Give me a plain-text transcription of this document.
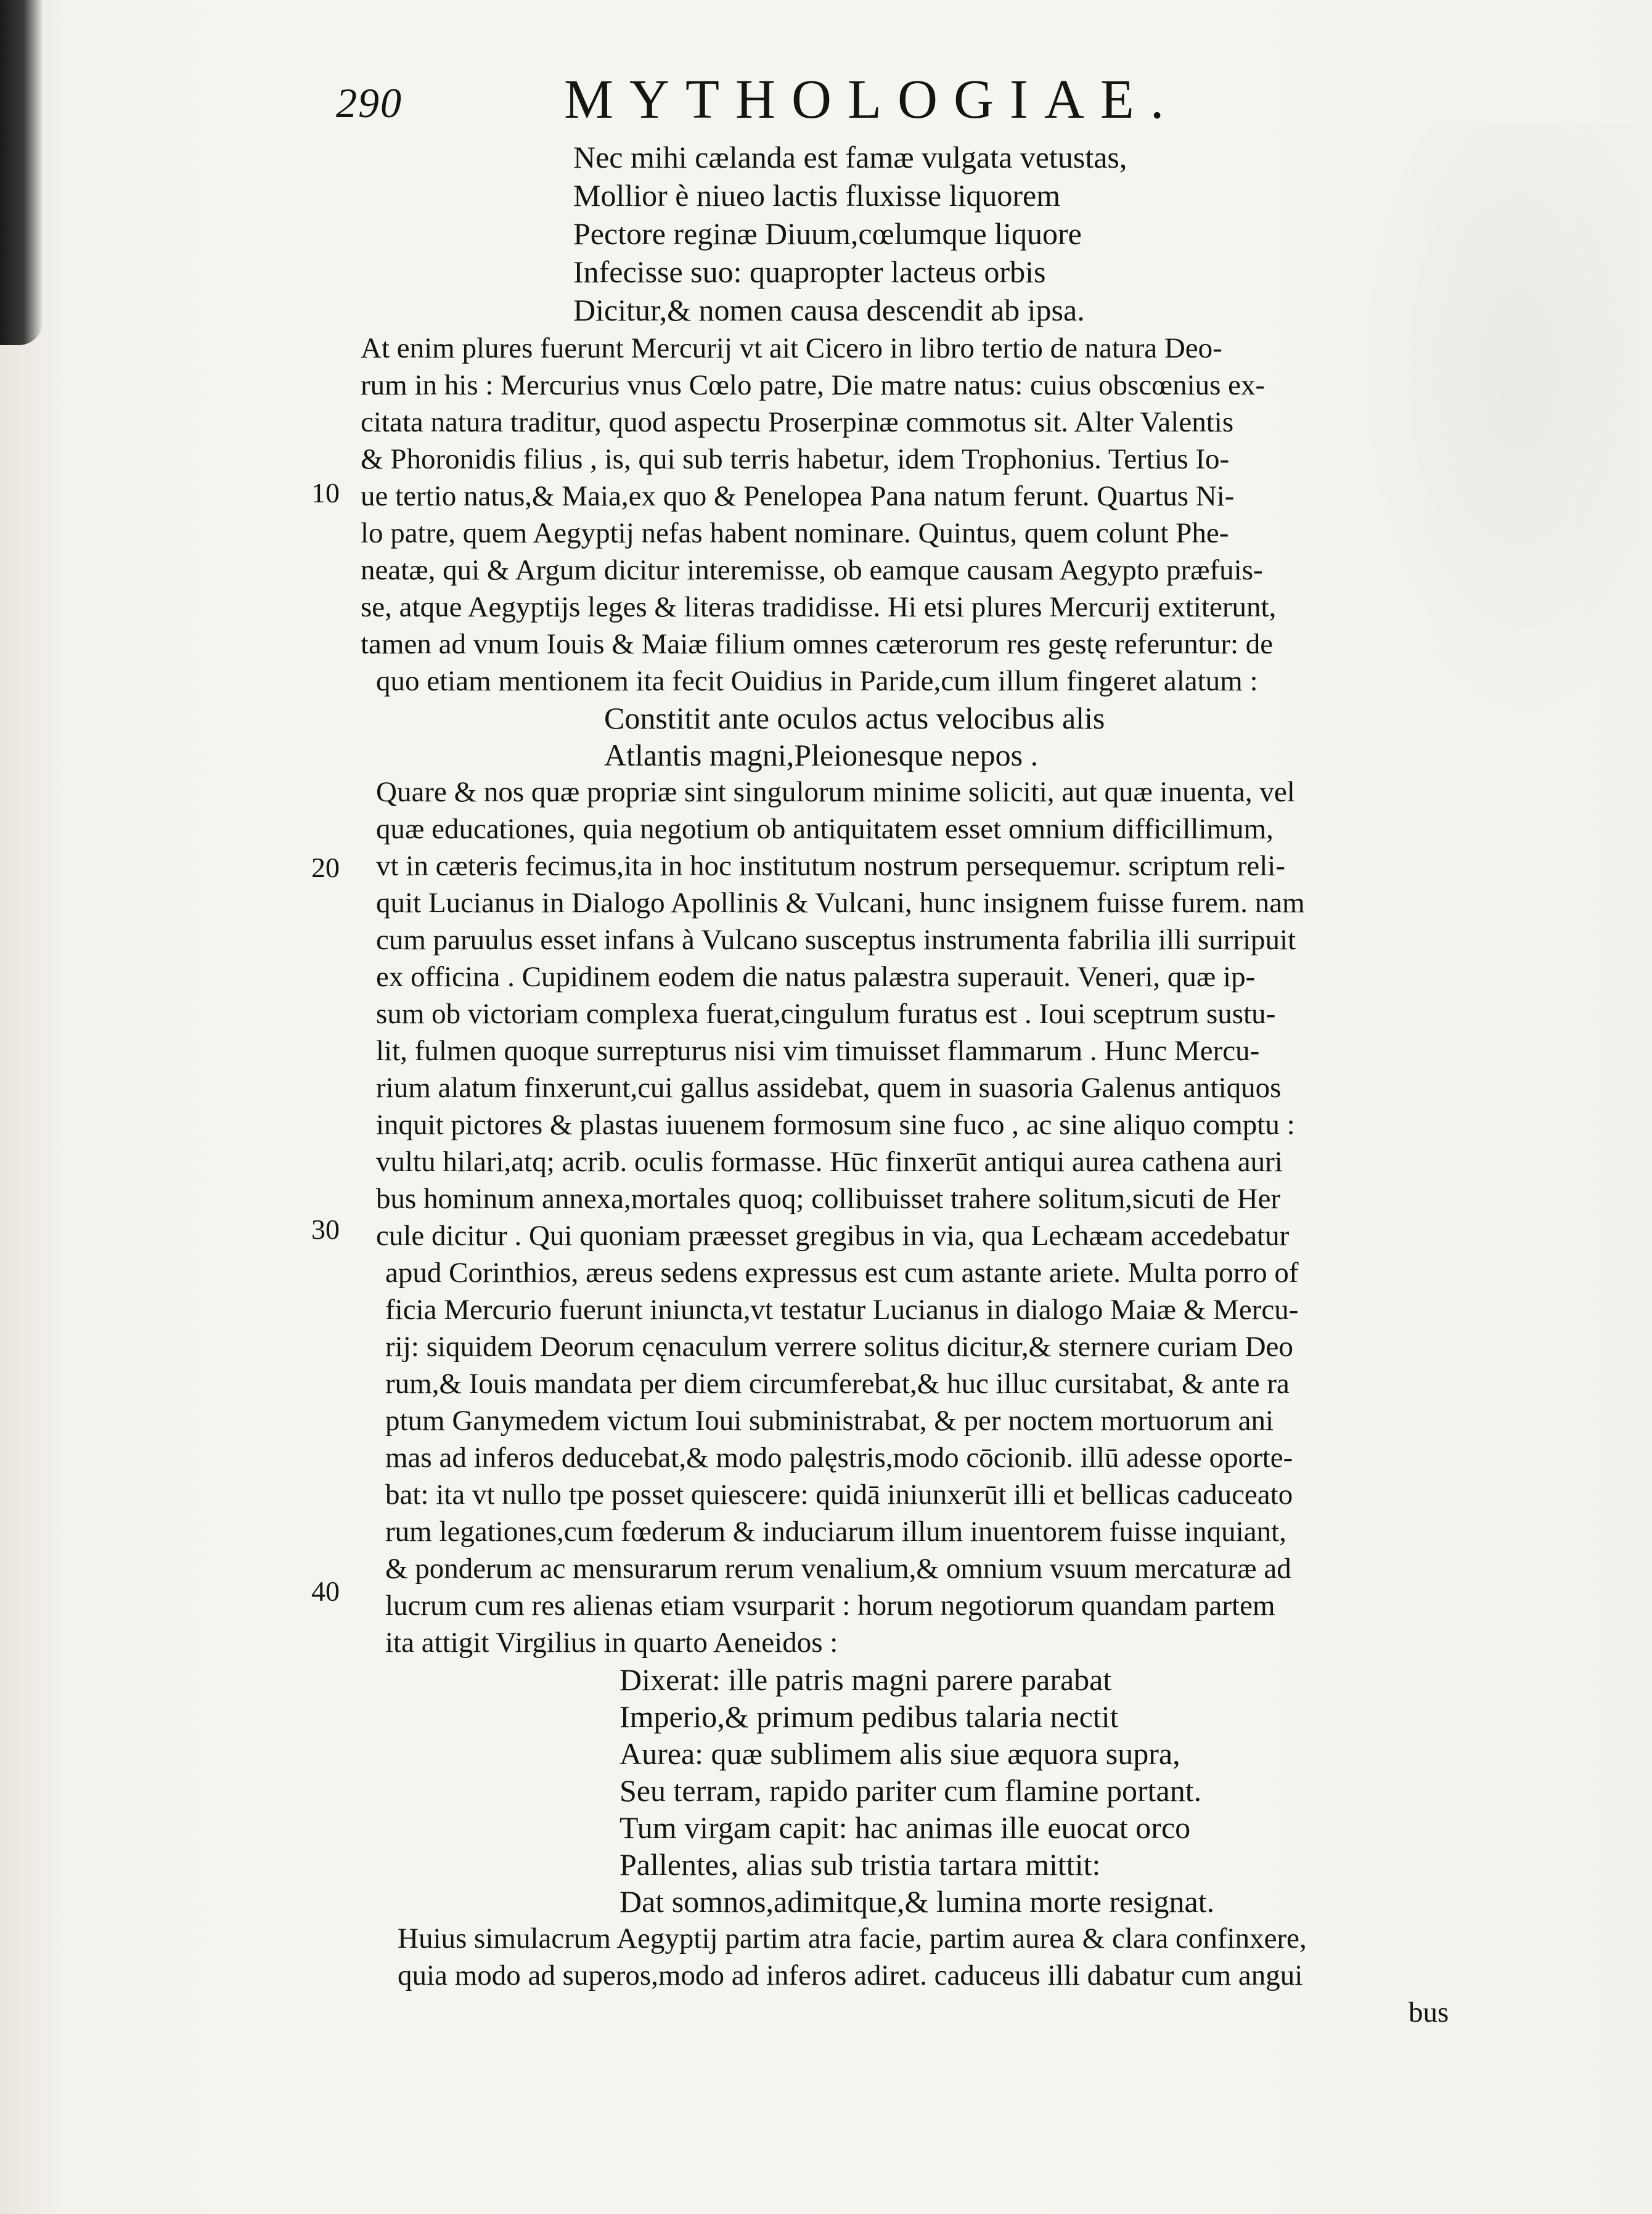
290	MYTHOLOGIAE.
10
20
30
40
Nec mihi cælanda est famæ vulgata vetustas,
Mollior è niueo lactis fluxisse liquorem
Pectore reginæ Diuum,cœlumque liquore
Infecisse suo: quapropter lacteus orbis
Dicitur,& nomen causa descendit ab ipsa.
At enim plures fuerunt Mercurij vt ait Cicero in libro tertio de natura Deo-
rum in his : Mercurius vnus Cœlo patre, Die matre natus: cuius obscœnius ex-
citata natura traditur, quod aspectu Proserpinæ commotus sit. Alter Valentis
& Phoronidis filius , is, qui sub terris habetur, idem Trophonius. Tertius Io-
ue tertio natus,& Maia,ex quo & Penelopea Pana natum ferunt. Quartus Ni-
lo patre, quem Aegyptij nefas habent nominare. Quintus, quem colunt Phe-
neatæ, qui & Argum dicitur interemisse, ob eamque causam Aegypto præfuis-
se, atque Aegyptijs leges & literas tradidisse. Hi etsi plures Mercurij extiterunt,
tamen ad vnum Iouis & Maiæ filium omnes cæterorum res gestę referuntur: de
quo etiam mentionem ita fecit Ouidius in Paride,cum illum fingeret alatum :
Constitit ante oculos actus velocibus alis
Atlantis magni,Pleionesque nepos .
Quare & nos quæ propriæ sint singulorum minime soliciti, aut quæ inuenta, vel
quæ educationes, quia negotium ob antiquitatem esset omnium difficillimum,
vt in cæteris fecimus,ita in hoc institutum nostrum persequemur. scriptum reli-
quit Lucianus in Dialogo Apollinis & Vulcani, hunc insignem fuisse furem. nam
cum paruulus esset infans à Vulcano susceptus instrumenta fabrilia illi surripuit
ex officina . Cupidinem eodem die natus palæstra superauit. Veneri, quæ ip-
sum ob victoriam complexa fuerat,cingulum furatus est . Ioui sceptrum sustu-
lit, fulmen quoque surrepturus nisi vim timuisset flammarum . Hunc Mercu-
rium alatum finxerunt,cui gallus assidebat, quem in suasoria Galenus antiquos
inquit pictores & plastas iuuenem formosum sine fuco , ac sine aliquo comptu :
vultu hilari,atq; acrib. oculis formasse. Hūc finxerūt antiqui aurea cathena auri
bus hominum annexa,mortales quoq; collibuisset trahere solitum,sicuti de Her
cule dicitur . Qui quoniam præesset gregibus in via, qua Lechæam accedebatur
apud Corinthios, æreus sedens expressus est cum astante ariete. Multa porro of
ficia Mercurio fuerunt iniuncta,vt testatur Lucianus in dialogo Maiæ & Mercu-
rij: siquidem Deorum cęnaculum verrere solitus dicitur,& sternere curiam Deo
rum,& Iouis mandata per diem circumferebat,& huc illuc cursitabat, & ante ra
ptum Ganymedem victum Ioui subministrabat, & per noctem mortuorum ani
mas ad inferos deducebat,& modo palęstris,modo cōcionib. illū adesse oporte-
bat: ita vt nullo tpe posset quiescere: quidā iniunxerūt illi et bellicas caduceato
rum legationes,cum fœderum & induciarum illum inuentorem fuisse inquiant,
& ponderum ac mensurarum rerum venalium,& omnium vsuum mercaturæ ad
lucrum cum res alienas etiam vsurparit : horum negotiorum quandam partem
ita attigit Virgilius in quarto Aeneidos :
Dixerat: ille patris magni parere parabat
Imperio,& primum pedibus talaria nectit
Aurea: quæ sublimem alis siue æquora supra,
Seu terram, rapido pariter cum flamine portant.
Tum virgam capit: hac animas ille euocat orco
Pallentes, alias sub tristia tartara mittit:
Dat somnos,adimitque,& lumina morte resignat.
Huius simulacrum Aegyptij partim atra facie, partim aurea & clara confinxere,
quia modo ad superos,modo ad inferos adiret. caduceus illi dabatur cum angui
bus
